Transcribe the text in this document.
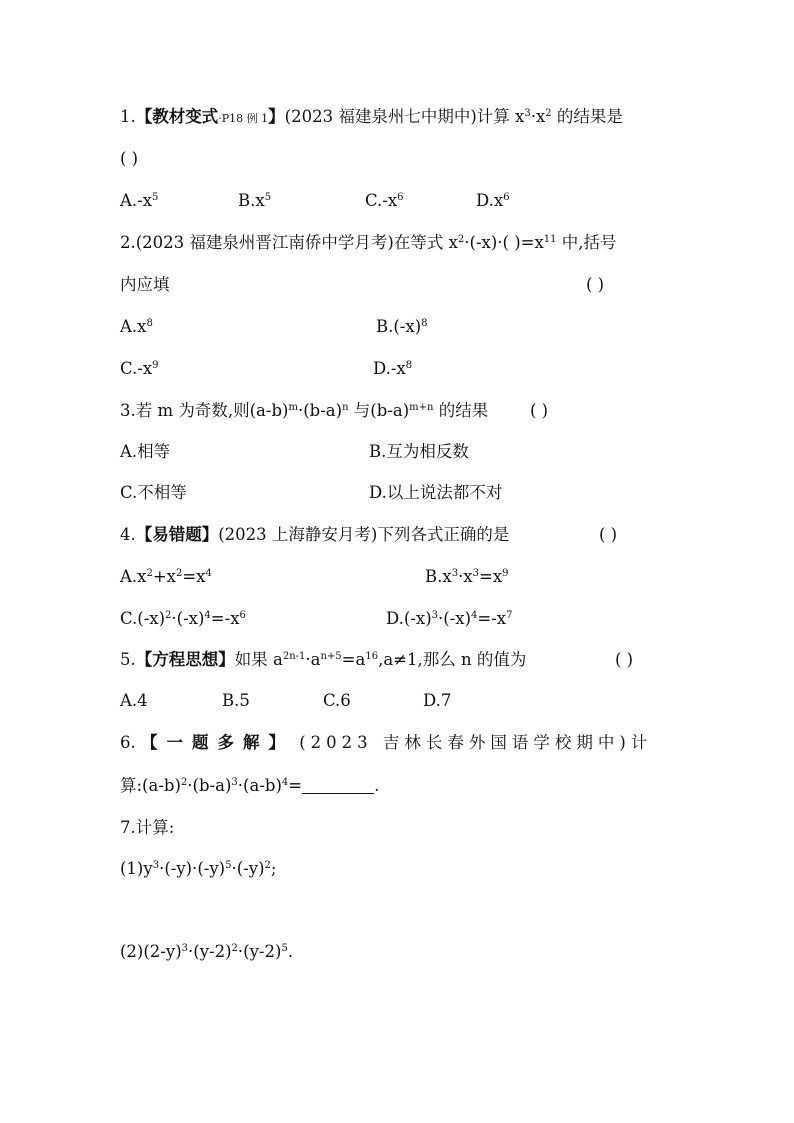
1.【教材变式·P18 例 1】(2023 福建泉州七中期中)计算 $x^3\cdot x^2$ 的结果是
( )
$A.-x^5$	$B.x^5$	$C.-x^6$	$D.x^6$
2.(2023 福建泉州晋江南侨中学月考)在等式 $x^2\cdot(-x)\cdot$( )$=x^{11}$ 中,括号
内应填	( )
$A.x^8$	$B.(-x)^8$
$C.-x^9$	$D.-x^8$
3.若 m 为奇数,则$(a-b)^m\cdot(b-a)^n$ 与$(b-a)^{m+n}$ 的结果	( )
A.相等	B.互为相反数
C.不相等	D.以上说法都不对
4.【易错题】(2023 上海静安月考)下列各式正确的是	( )
$A.x^2+x^2=x^4$	$B.x^3\cdot x^3=x^9$
$C.(-x)^2\cdot(-x)^4=-x^6$	$D.(-x)^3\cdot(-x)^4=-x^7$
5.【方程思想】如果 $a^{2n-1}\cdot a^{n+5}=a^{16},a\ne 1$,那么 n 的值为	( )
A.4	B.5	C.6	D.7
6. 【一题多解】 (2023 吉林长春外国语学校期中)计
算$:(a-b)^2\cdot(b-a)^3\cdot(a-b)^4=$	.
7.计算:
$(1)y^3\cdot(-y)\cdot(-y)^5\cdot(-y)^2$;
$(2)(2-y)^3\cdot(y-2)^2\cdot(y-2)^5$.
